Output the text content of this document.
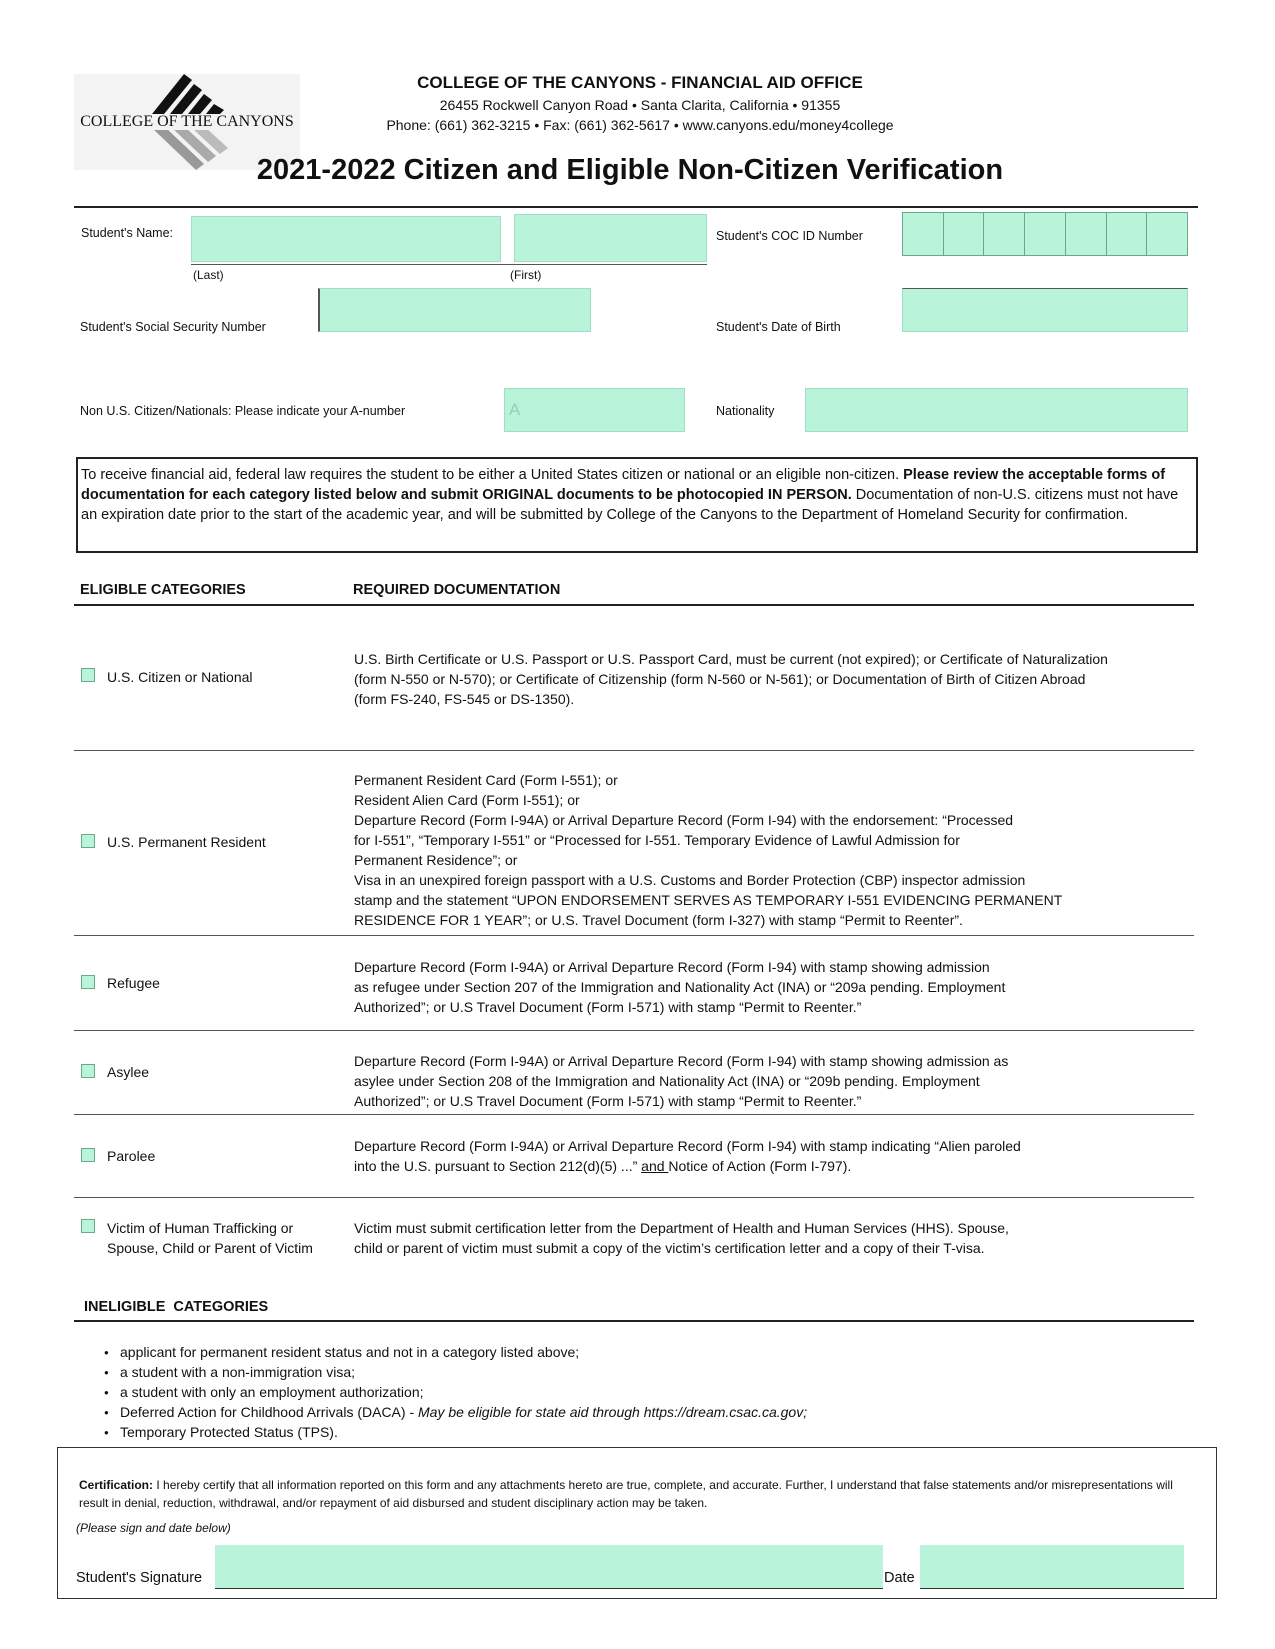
COLLEGE OF THE CANYONS
COLLEGE OF THE CANYONS - FINANCIAL AID OFFICE
26455 Rockwell Canyon Road • Santa Clarita, California • 91355
Phone: (661) 362-3215 • Fax: (661) 362-5617 • www.canyons.edu/money4college
2021-2022 Citizen and Eligible Non-Citizen Verification
Student's Name:
(Last)	(First)
Student's COC ID Number
Student's Social Security Number	Student's Date of Birth
Non U.S. Citizen/Nationals: Please indicate your A-number	A	Nationality
To receive financial aid, federal law requires the student to be either a United States citizen or national or an eligible non-citizen. Please review the acceptable forms of documentation for each category listed below and submit ORIGINAL documents to be photocopied IN PERSON. Documentation of non-U.S. citizens must not have an expiration date prior to the start of the academic year, and will be submitted by College of the Canyons to the Department of Homeland Security for confirmation.
ELIGIBLE CATEGORIES	REQUIRED DOCUMENTATION
U.S. Citizen or National
U.S. Birth Certificate or U.S. Passport or U.S. Passport Card, must be current (not expired); or Certificate of Naturalization
(form N-550 or N-570); or Certificate of Citizenship (form N-560 or N-561); or Documentation of Birth of Citizen Abroad
(form FS-240, FS-545 or DS-1350).
U.S. Permanent Resident
Permanent Resident Card (Form I-551); or
Resident Alien Card (Form I-551); or
Departure Record (Form I-94A) or Arrival Departure Record (Form I-94) with the endorsement: “Processed
for I-551”, “Temporary I-551” or “Processed for I-551. Temporary Evidence of Lawful Admission for
Permanent Residence”; or
Visa in an unexpired foreign passport with a U.S. Customs and Border Protection (CBP) inspector admission
stamp and the statement “UPON ENDORSEMENT SERVES AS TEMPORARY I-551 EVIDENCING PERMANENT
RESIDENCE FOR 1 YEAR”; or U.S. Travel Document (form I-327) with stamp “Permit to Reenter”.
Refugee
Departure Record (Form I-94A) or Arrival Departure Record (Form I-94) with stamp showing admission
as refugee under Section 207 of the Immigration and Nationality Act (INA) or “209a pending. Employment
Authorized”; or U.S Travel Document (Form I-571) with stamp “Permit to Reenter.”
Asylee
Departure Record (Form I-94A) or Arrival Departure Record (Form I-94) with stamp showing admission as
asylee under Section 208 of the Immigration and Nationality Act (INA) or “209b pending. Employment
Authorized”; or U.S Travel Document (Form I-571) with stamp “Permit to Reenter.”
Parolee
Departure Record (Form I-94A) or Arrival Departure Record (Form I-94) with stamp indicating “Alien paroled
into the U.S. pursuant to Section 212(d)(5) ...” and Notice of Action (Form I-797).
Victim of Human Trafficking or
Spouse, Child or Parent of Victim
Victim must submit certification letter from the Department of Health and Human Services (HHS). Spouse,
child or parent of victim must submit a copy of the victim’s certification letter and a copy of their T-visa.
INELIGIBLE  CATEGORIES
● applicant for permanent resident status and not in a category listed above;
● a student with a non-immigration visa;
● a student with only an employment authorization;
● Deferred Action for Childhood Arrivals (DACA) - May be eligible for state aid through https://dream.csac.ca.gov;
● Temporary Protected Status (TPS).
Certification: I hereby certify that all information reported on this form and any attachments hereto are true, complete, and accurate. Further, I understand that false statements and/or misrepresentations will result in denial, reduction, withdrawal, and/or repayment of aid disbursed and student disciplinary action may be taken.
(Please sign and date below)
Student's Signature	Date
